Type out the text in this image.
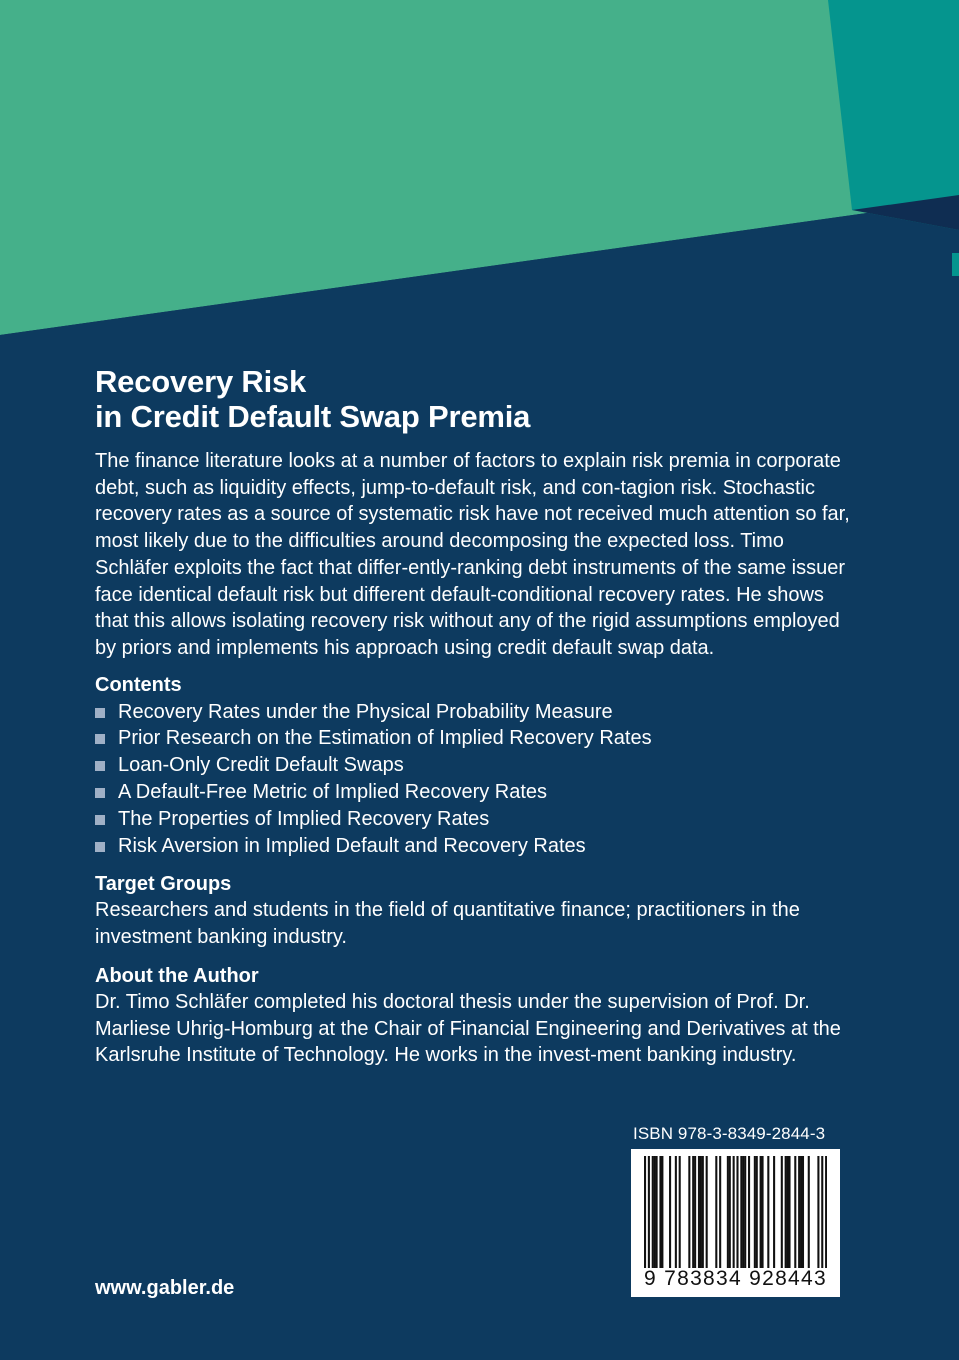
Recovery Risk
in Credit Default Swap Premia

The finance literature looks at a number of factors to explain risk premia in corporate debt, such as liquidity effects, jump-to-default risk, and con-tagion risk. Stochastic recovery rates as a source of systematic risk have not received much attention so far, most likely due to the difficulties around decomposing the expected loss. Timo Schläfer exploits the fact that differ-ently-ranking debt instruments of the same issuer face identical default risk but different default-conditional recovery rates. He shows that this allows isolating recovery risk without any of the rigid assumptions employed by priors and implements his approach using credit default swap data.

Contents

Recovery Rates under the Physical Probability Measure
Prior Research on the Estimation of Implied Recovery Rates
Loan-Only Credit Default Swaps
A Default-Free Metric of Implied Recovery Rates
The Properties of Implied Recovery Rates
Risk Aversion in Implied Default and Recovery Rates

Target Groups

Researchers and students in the field of quantitative finance; practitioners in the investment banking industry.

About the Author

Dr. Timo Schläfer completed his doctoral thesis under the supervision of Prof. Dr. Marliese Uhrig-Homburg at the Chair of Financial Engineering and Derivatives at the Karlsruhe Institute of Technology. He works in the invest-ment banking industry.

ISBN 978-3-8349-2844-3
9 783834 928443
www.gabler.de
